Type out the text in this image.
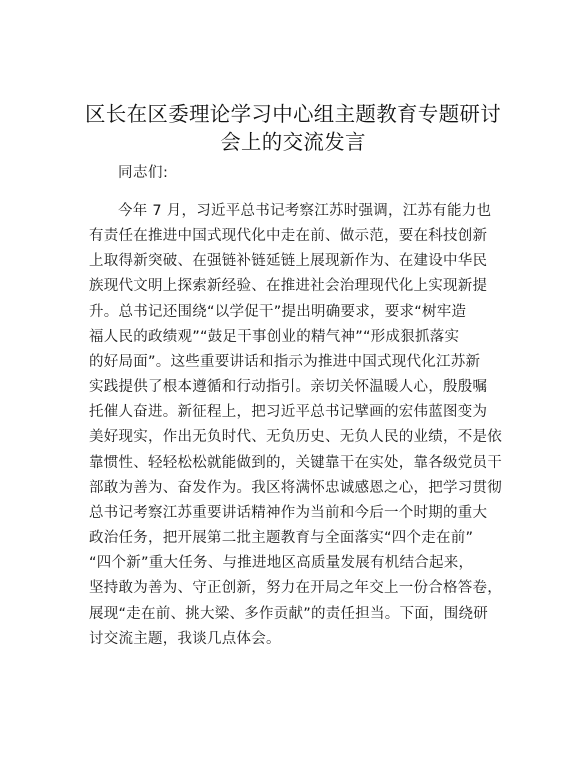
区长在区委理论学习中心组主题教育专题研讨
会上的交流发言

同志们:

今年 7 月，习近平总书记考察江苏时强调，江苏有能力也
有责任在推进中国式现代化中走在前、做示范，要在科技创新
上取得新突破、在强链补链延链上展现新作为、在建设中华民
族现代文明上探索新经验、在推进社会治理现代化上实现新提
升。总书记还围绕“以学促干”提出明确要求，要求“树牢造
福人民的政绩观”“鼓足干事创业的精气神”“形成狠抓落实
的好局面”。这些重要讲话和指示为推进中国式现代化江苏新
实践提供了根本遵循和行动指引。亲切关怀温暖人心，殷殷嘱
托催人奋进。新征程上，把习近平总书记擘画的宏伟蓝图变为
美好现实，作出无负时代、无负历史、无负人民的业绩，不是依
靠惯性、轻轻松松就能做到的，关键靠干在实处，靠各级党员干
部敢为善为、奋发作为。我区将满怀忠诚感恩之心，把学习贯彻
总书记考察江苏重要讲话精神作为当前和今后一个时期的重大
政治任务，把开展第二批主题教育与全面落实“四个走在前”
“四个新”重大任务、与推进地区高质量发展有机结合起来，
坚持敢为善为、守正创新，努力在开局之年交上一份合格答卷，
展现“走在前、挑大梁、多作贡献”的责任担当。下面，围绕研
讨交流主题，我谈几点体会。
